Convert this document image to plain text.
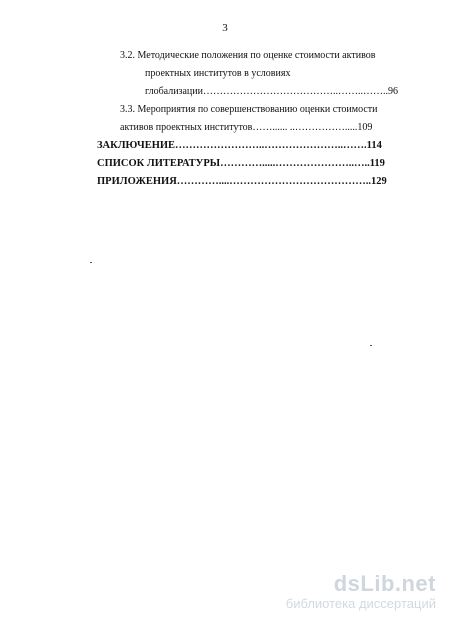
3
3.2. Методические положения по оценке стоимости активов
проектных институтов в условиях
глобализации…………………………………..……..……..96
3.3. Мероприятия по совершенствованию оценки стоимости
активов проектных институтов……...... ..…………….....109
ЗАКЛЮЧЕНИЕ……………………..…………………..…….114
СПИСОК ЛИТЕРАТУРЫ………….....…………………..…..119
ПРИЛОЖЕНИЯ…………....…………………………………..129
dsLib.net
библиотека диссертаций
